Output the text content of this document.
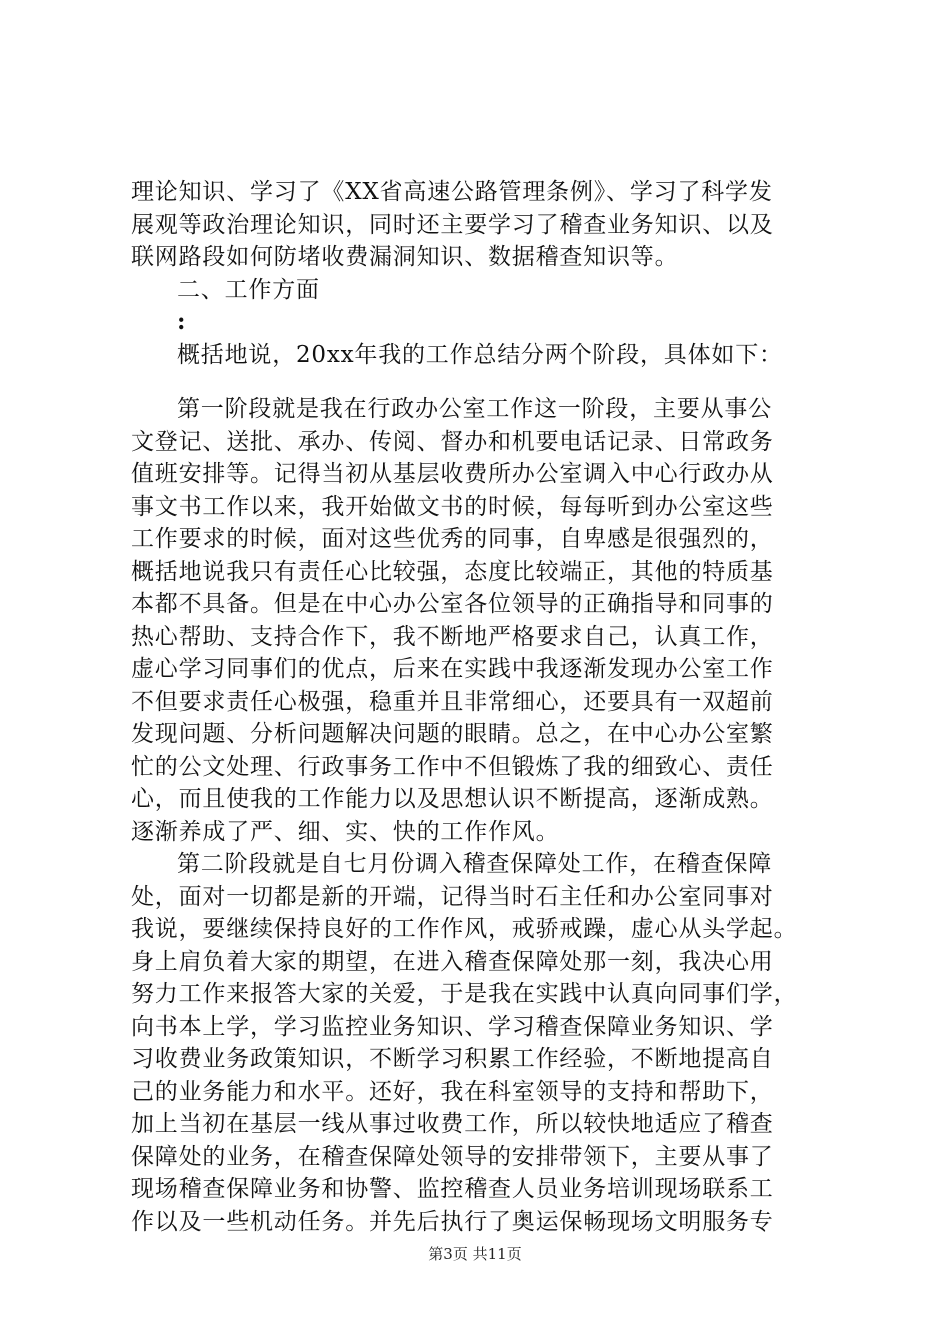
理论知识、学习了《XX省高速公路管理条例》、学习了科学发
展观等政治理论知识，同时还主要学习了稽查业务知识、以及
联网路段如何防堵收费漏洞知识、数据稽查知识等。
二、工作方面
:
概括地说，20xx年我的工作总结分两个阶段，具体如下：
第一阶段就是我在行政办公室工作这一阶段，主要从事公
文登记、送批、承办、传阅、督办和机要电话记录、日常政务
值班安排等。记得当初从基层收费所办公室调入中心行政办从
事文书工作以来，我开始做文书的时候，每每听到办公室这些
工作要求的时候，面对这些优秀的同事，自卑感是很强烈的，
概括地说我只有责任心比较强，态度比较端正，其他的特质基
本都不具备。但是在中心办公室各位领导的正确指导和同事的
热心帮助、支持合作下，我不断地严格要求自己，认真工作，
虚心学习同事们的优点，后来在实践中我逐渐发现办公室工作
不但要求责任心极强，稳重并且非常细心，还要具有一双超前
发现问题、分析问题解决问题的眼睛。总之，在中心办公室繁
忙的公文处理、行政事务工作中不但锻炼了我的细致心、责任
心，而且使我的工作能力以及思想认识不断提高，逐渐成熟。
逐渐养成了严、细、实、快的工作作风。
第二阶段就是自七月份调入稽查保障处工作，在稽查保障
处，面对一切都是新的开端，记得当时石主任和办公室同事对
我说，要继续保持良好的工作作风，戒骄戒躁，虚心从头学起。
身上肩负着大家的期望，在进入稽查保障处那一刻，我决心用
努力工作来报答大家的关爱，于是我在实践中认真向同事们学，
向书本上学，学习监控业务知识、学习稽查保障业务知识、学
习收费业务政策知识，不断学习积累工作经验，不断地提高自
己的业务能力和水平。还好，我在科室领导的支持和帮助下，
加上当初在基层一线从事过收费工作，所以较快地适应了稽查
保障处的业务，在稽查保障处领导的安排带领下，主要从事了
现场稽查保障业务和协警、监控稽查人员业务培训现场联系工
作以及一些机动任务。并先后执行了奥运保畅现场文明服务专
第3页 共11页
